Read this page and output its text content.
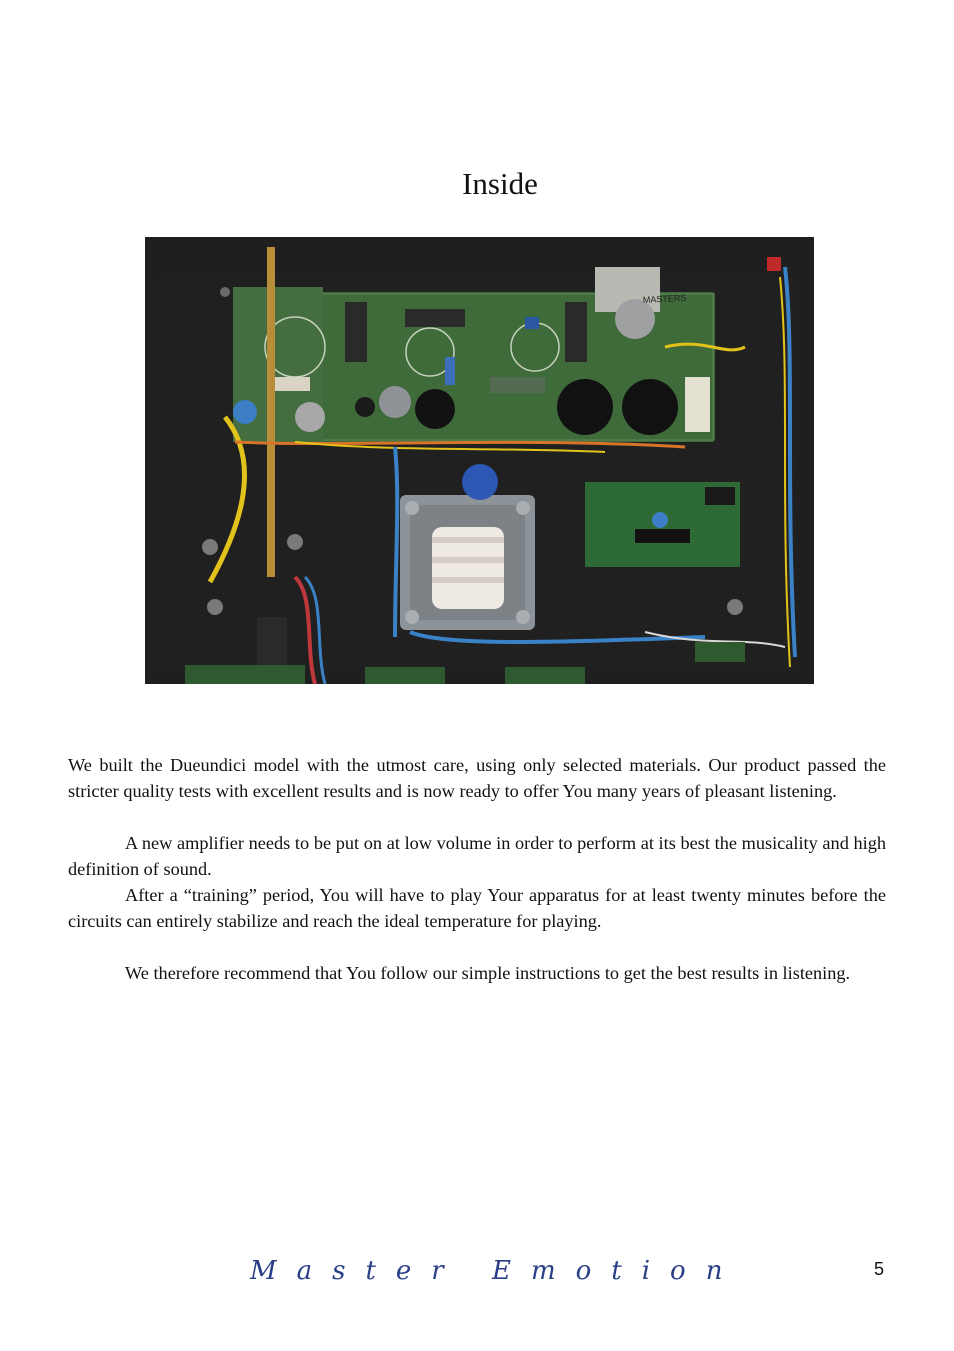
Inside
MASTERS

We built the Dueundici model with the utmost care, using only selected materials. Our product passed the stricter quality tests with excellent results and is now ready to offer You many years of pleasant listening.

A new amplifier needs to be put on at low volume in order to perform at its best the musicality and high definition of sound.

After a “training” period, You will have to play Your apparatus for at least twenty minutes before the circuits can entirely stabilize and reach the ideal temperature for playing.

We therefore recommend that You follow our simple instructions to get the best results in listening.

Master Emotion	5
